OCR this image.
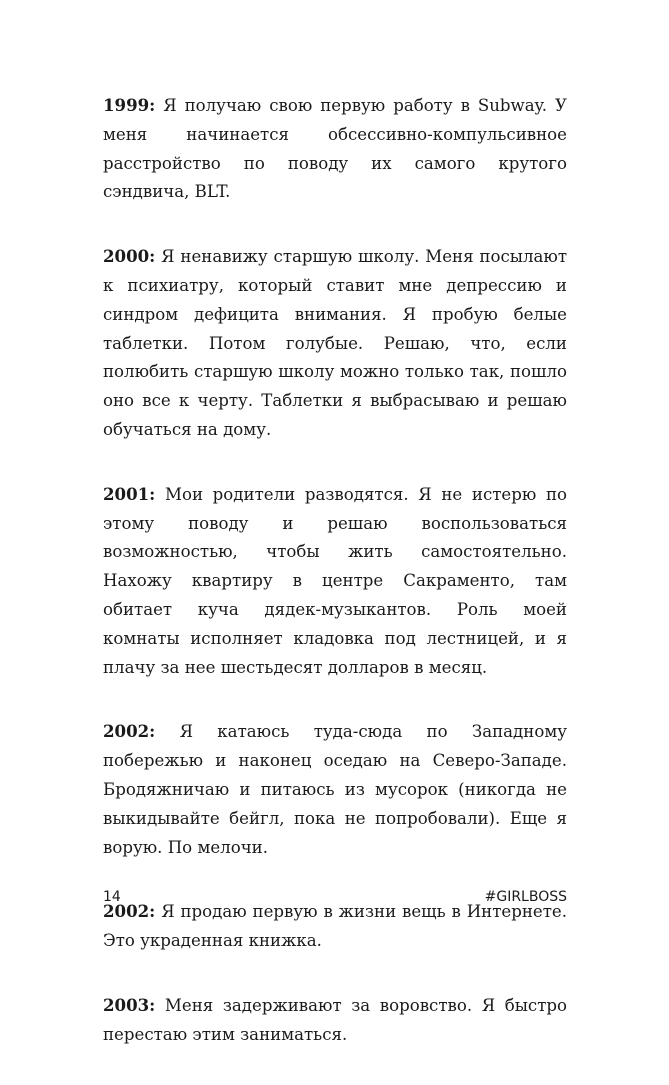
1999: Я получаю свою первую работу в Subway. У меня начинается обсессивно-компульсивное расстройство по поводу их самого крутого сэндвича, BLT.

2000: Я ненавижу старшую школу. Меня посылают к психиатру, который ставит мне депрессию и синдром дефицита внимания. Я пробую белые таблетки. Потом голубые. Решаю, что, если полюбить старшую школу можно только так, пошло оно все к черту. Таблетки я выбрасываю и решаю обучаться на дому.

2001: Мои родители разводятся. Я не истерю по этому поводу и решаю воспользоваться возможностью, чтобы жить самостоятельно. Нахожу квартиру в центре Сакраменто, там обитает куча дядек-музыкантов. Роль моей комнаты исполняет кладовка под лестницей, и я плачу за нее шестьдесят долларов в месяц.

2002: Я катаюсь туда-сюда по Западному побережью и наконец оседаю на Северо-Западе. Бродяжничаю и питаюсь из мусорок (никогда не выкидывайте бейгл, пока не попробовали). Еще я ворую. По мелочи.

2002: Я продаю первую в жизни вещь в Интернете. Это украденная книжка.

2003: Меня задерживают за воровство. Я быстро перестаю этим заниматься.

14	#GIRLBOSS
